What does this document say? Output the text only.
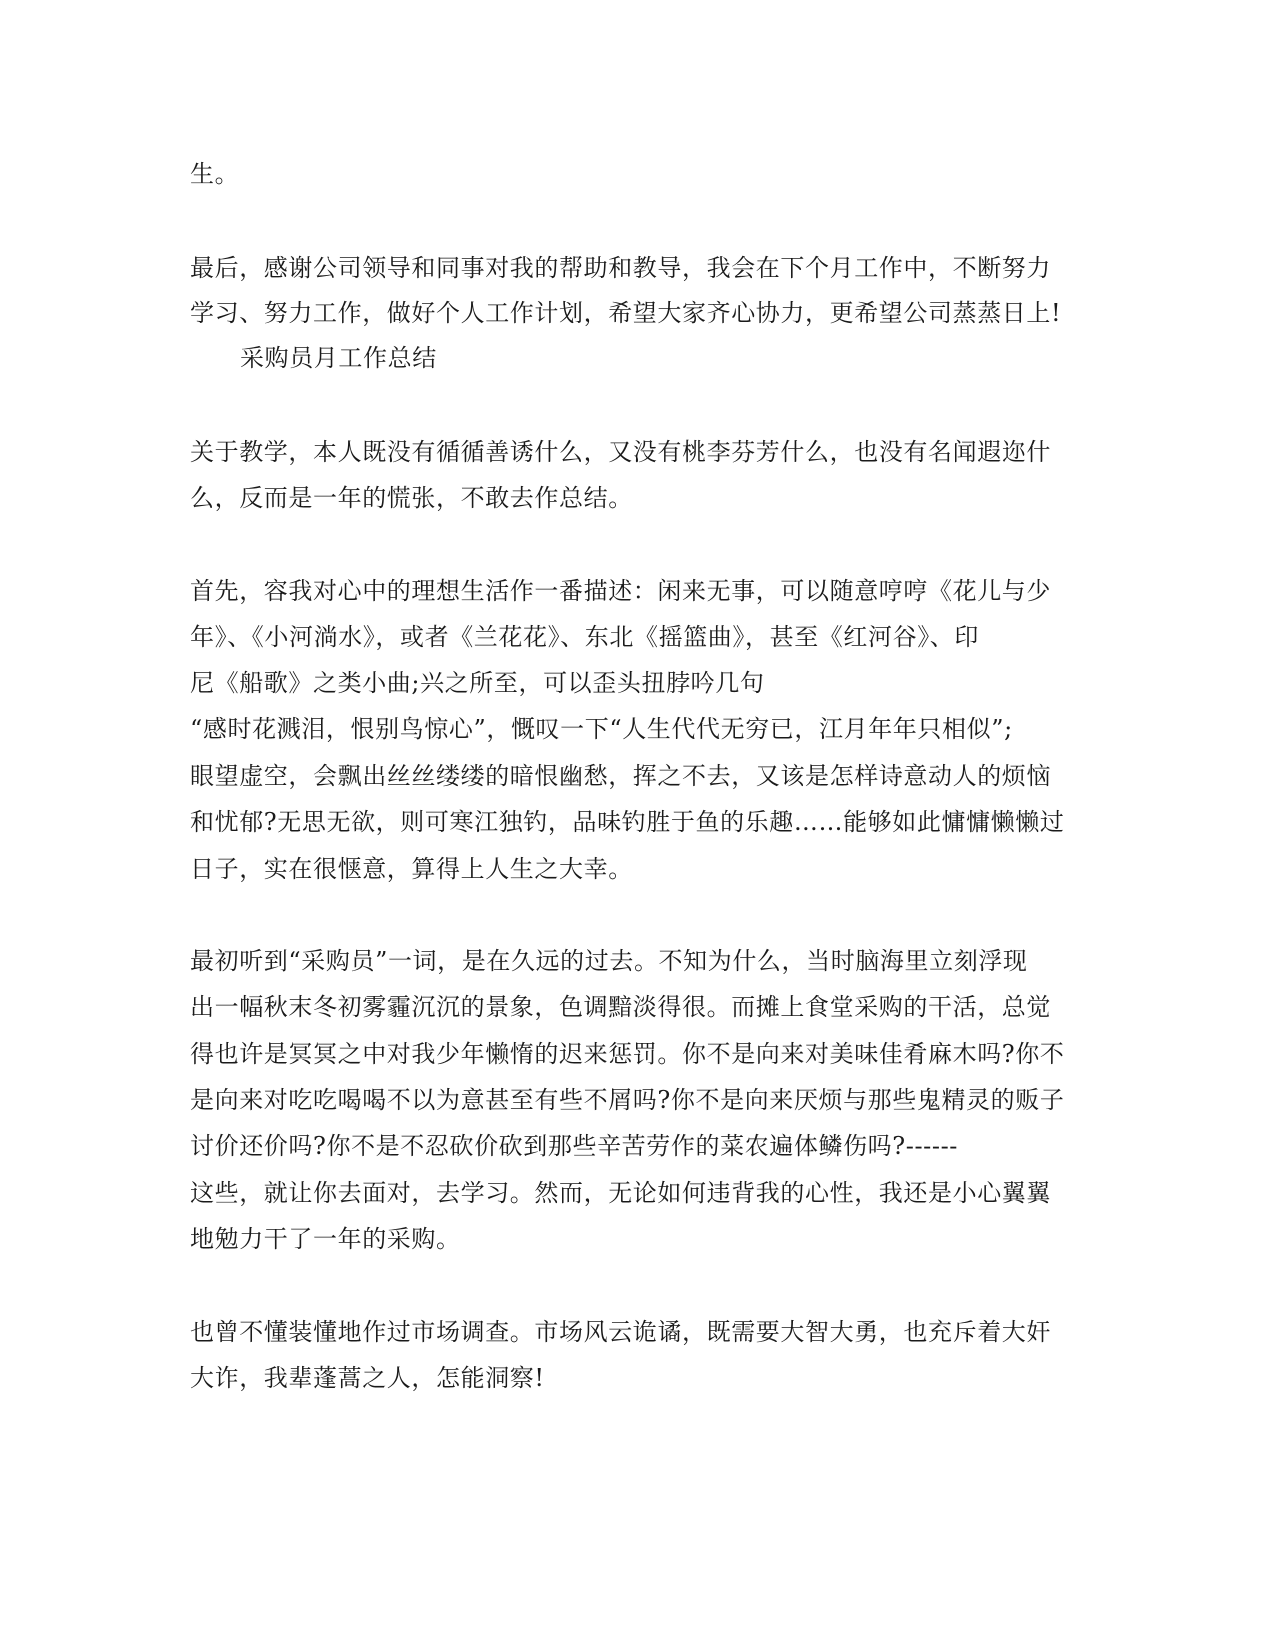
生。

最后，感谢公司领导和同事对我的帮助和教导，我会在下个月工作中，不断努力

学习、努力工作，做好个人工作计划，希望大家齐心协力，更希望公司蒸蒸日上!

采购员月工作总结

关于教学，本人既没有循循善诱什么，又没有桃李芬芳什么，也没有名闻遐迩什

么，反而是一年的慌张，不敢去作总结。

首先，容我对心中的理想生活作一番描述：闲来无事，可以随意哼哼《花儿与少

年》、《小河淌水》，或者《兰花花》、东北《摇篮曲》，甚至《红河谷》、印

尼《船歌》之类小曲;兴之所至，可以歪头扭脖吟几句

“感时花溅泪，恨别鸟惊心”，慨叹一下“人生代代无穷已，江月年年只相似”;

眼望虚空，会飘出丝丝缕缕的暗恨幽愁，挥之不去，又该是怎样诗意动人的烦恼

和忧郁?无思无欲，则可寒江独钓，品味钓胜于鱼的乐趣……能够如此慵慵懒懒过

日子，实在很惬意，算得上人生之大幸。

最初听到“采购员”一词，是在久远的过去。不知为什么，当时脑海里立刻浮现

出一幅秋末冬初雾霾沉沉的景象，色调黯淡得很。而摊上食堂采购的干活，总觉

得也许是冥冥之中对我少年懒惰的迟来惩罚。你不是向来对美味佳肴麻木吗?你不

是向来对吃吃喝喝不以为意甚至有些不屑吗?你不是向来厌烦与那些鬼精灵的贩子

讨价还价吗?你不是不忍砍价砍到那些辛苦劳作的菜农遍体鳞伤吗?------

这些，就让你去面对，去学习。然而，无论如何违背我的心性，我还是小心翼翼

地勉力干了一年的采购。

也曾不懂装懂地作过市场调查。市场风云诡谲，既需要大智大勇，也充斥着大奸

大诈，我辈蓬蒿之人，怎能洞察!
